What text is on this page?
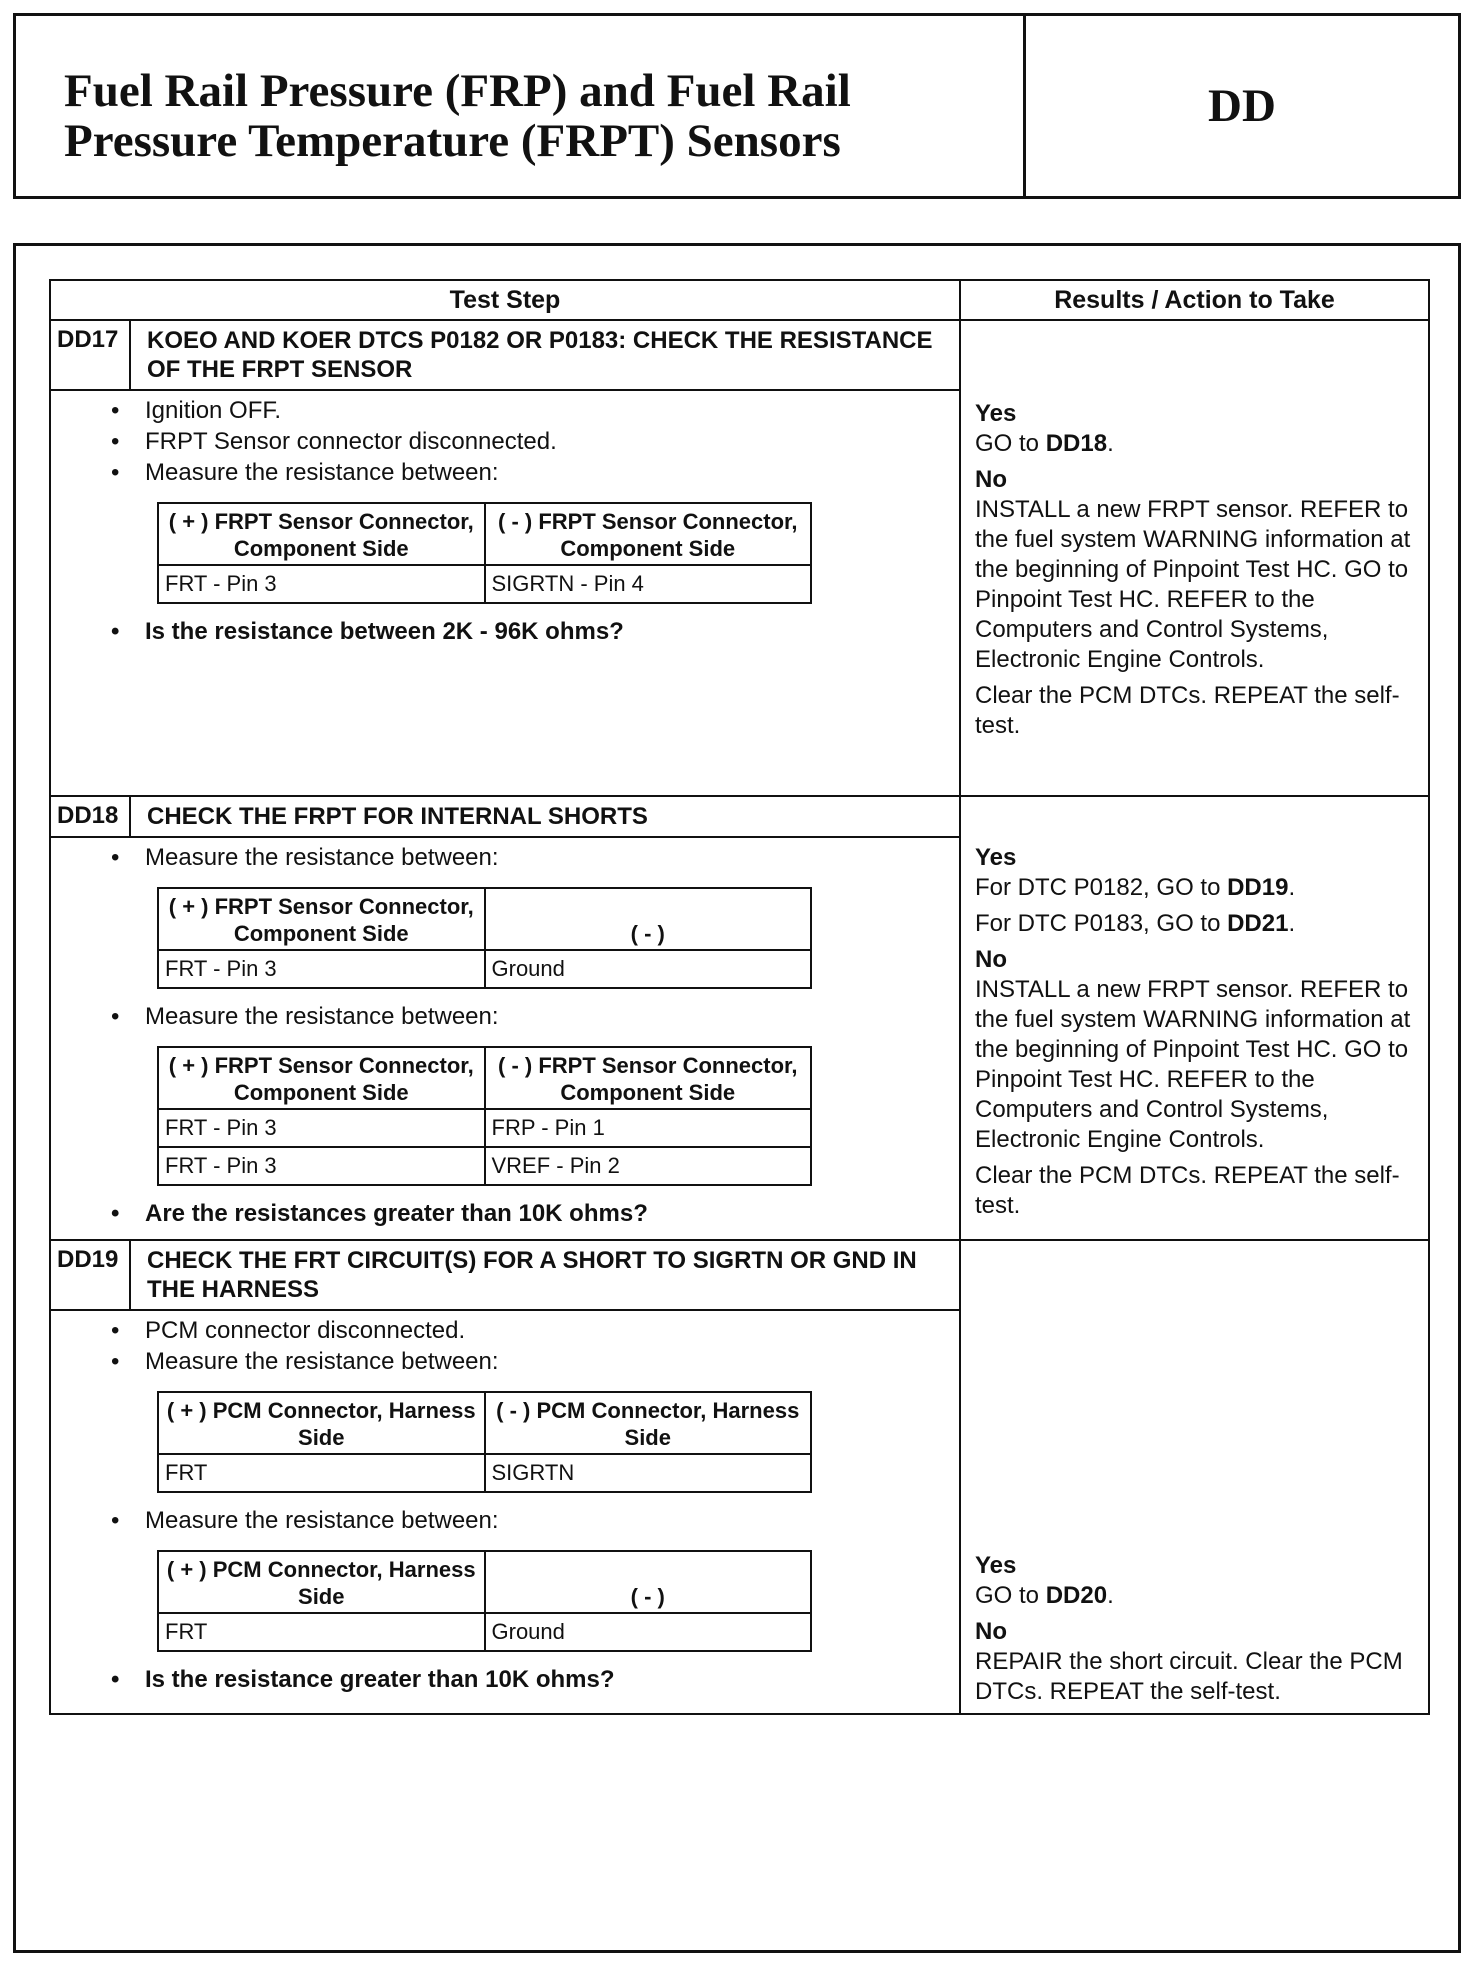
Fuel Rail Pressure (FRP) and Fuel Rail
Pressure Temperature (FRPT) Sensors
DD
Test Step	Results / Action to Take

DD17	KOEO AND KOER DTCS P0182 OR P0183: CHECK THE RESISTANCE OF THE FRPT SENSOR
• Ignition OFF.
• FRPT Sensor connector disconnected.
• Measure the resistance between:
( + ) FRPT Sensor Connector, Component Side	( - ) FRPT Sensor Connector, Component Side
FRT - Pin 3	SIGRTN - Pin 4
• Is the resistance between 2K - 96K ohms?

Yes

GO to DD18.

No

INSTALL a new FRPT sensor. REFER to the fuel system WARNING information at the beginning of Pinpoint Test HC. GO to Pinpoint Test HC. REFER to the Computers and Control Systems, Electronic Engine Controls.

Clear the PCM DTCs. REPEAT the self-test.

DD18	CHECK THE FRPT FOR INTERNAL SHORTS
• Measure the resistance between:
( + ) FRPT Sensor Connector, Component Side	( - )
FRT - Pin 3	Ground
• Measure the resistance between:
( + ) FRPT Sensor Connector, Component Side	( - ) FRPT Sensor Connector, Component Side
FRT - Pin 3	FRP - Pin 1
FRT - Pin 3	VREF - Pin 2
• Are the resistances greater than 10K ohms?

Yes

For DTC P0182, GO to DD19.

For DTC P0183, GO to DD21.

No

INSTALL a new FRPT sensor. REFER to the fuel system WARNING information at the beginning of Pinpoint Test HC. GO to Pinpoint Test HC. REFER to the Computers and Control Systems, Electronic Engine Controls.

Clear the PCM DTCs. REPEAT the self-test.

DD19	CHECK THE FRT CIRCUIT(S) FOR A SHORT TO SIGRTN OR GND IN THE HARNESS
• PCM connector disconnected.
• Measure the resistance between:
( + ) PCM Connector, Harness Side	( - ) PCM Connector, Harness Side
FRT	SIGRTN
• Measure the resistance between:
( + ) PCM Connector, Harness Side	( - )
FRT	Ground
• Is the resistance greater than 10K ohms?

Yes

GO to DD20.

No

REPAIR the short circuit. Clear the PCM DTCs. REPEAT the self-test.
